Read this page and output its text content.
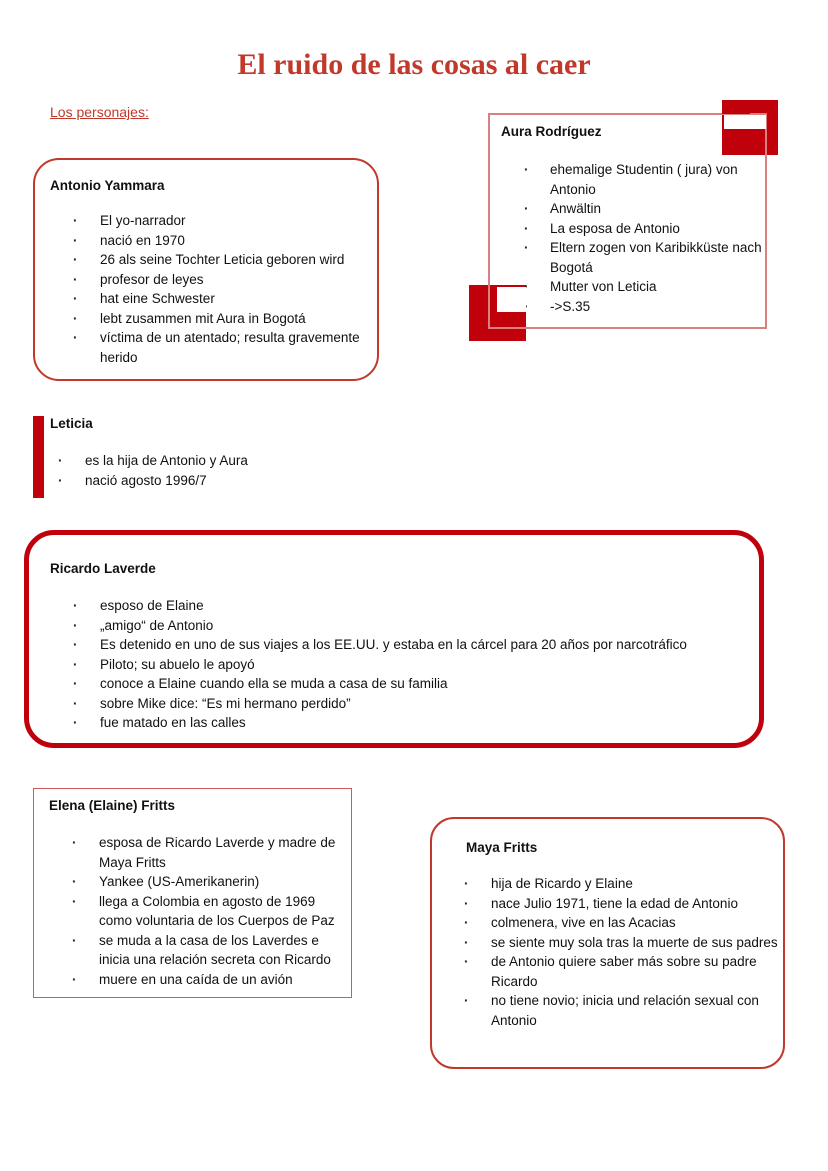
El ruido de las cosas al caer
Los personajes:
Antonio Yammara
· El yo-narrador
· nació en 1970
· 26 als seine Tochter Leticia geboren wird
· profesor de leyes
· hat eine Schwester
· lebt zusammen mit Aura in Bogotá
· víctima de un atentado; resulta gravemente herido
Aura Rodríguez
· ehemalige Studentin ( jura) von Antonio
· Anwältin
· La esposa de Antonio
· Eltern zogen von Karibikküste nach Bogotá
· Mutter von Leticia
· ->S.35
Leticia
· es la hija de Antonio y Aura
· nació agosto 1996/7
Ricardo Laverde
· esposo de Elaine
· „amigo“ de Antonio
· Es detenido en uno de sus viajes a los EE.UU. y estaba en la cárcel para 20 años por narcotráfico
· Piloto; su abuelo le apoyó
· conoce a Elaine cuando ella se muda a casa de su familia
· sobre Mike dice: “Es mi hermano perdido”
· fue matado en las calles
Elena (Elaine) Fritts
· esposa de Ricardo Laverde y madre de Maya Fritts
· Yankee (US-Amerikanerin)
· llega a Colombia en agosto de 1969 como voluntaria de los Cuerpos de Paz
· se muda a la casa de los Laverdes e inicia una relación secreta con Ricardo
· muere en una caída de un avión
Maya Fritts
· hija de Ricardo y Elaine
· nace Julio 1971, tiene la edad de Antonio
· colmenera, vive en las Acacias
· se siente muy sola tras la muerte de sus padres
· de Antonio quiere saber más sobre su padre Ricardo
· no tiene novio; inicia und relación sexual con Antonio
